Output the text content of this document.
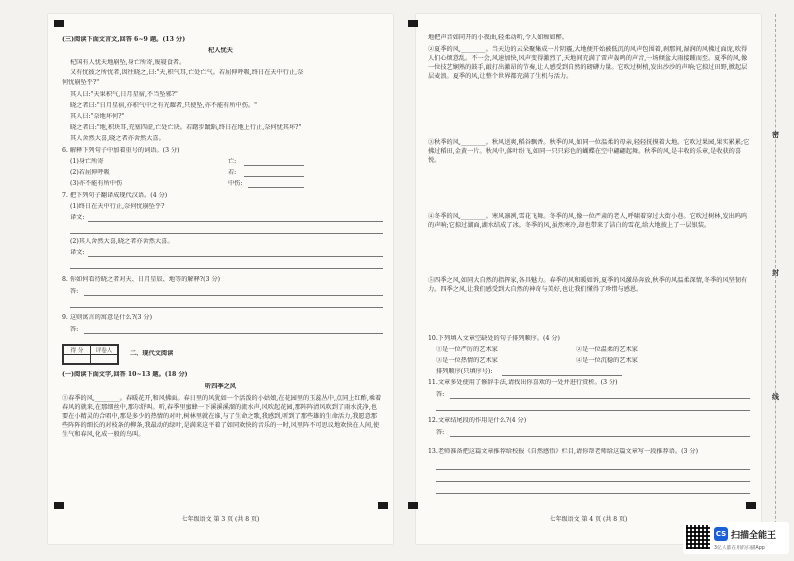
(三)阅读下面文言文,回答 6~9 题。(13 分)
杞人忧天
杞国有人忧天地崩坠,身亡所寄,废寝食者。
又有忧彼之所忧者,因往晓之,曰:"天,积气耳,亡处亡气。若屈伸呼吸,终日在天中行止,奈
何忧崩坠乎?"
其人曰:"天果积气,日月星宿,不当坠邪?"
晓之者曰:"日月星宿,亦积气中之有光耀者,只使坠,亦不能有所中伤。"
其人曰:"奈地坏何?"
晓之者曰:"地,积块耳,充塞四虚,亡处亡块。若躇步跐蹈,终日在地上行止,奈何忧其坏?"
其人舍然大喜,晓之者亦舍然大喜。
6. 解释下列句子中加着重号的词语。(3 分)
(1)身亡所寄	亡:
(2)若屈伸呼吸	若:
(3)亦不能有所中伤	中伤:
7. 把下列句子翻译成现代汉语。(4 分)
(1)终日在天中行止,奈何忧崩坠乎?
译文:
(2)其人舍然大喜,晓之者亦舍然大喜。
译文:
8. 你如何看待晓之者对天、日月星辰、地等的解释?(3 分)
答:
9. 这则寓言的寓意是什么?(3 分)
答:
得 分	评卷人
		二、现代文阅读
(一)阅读下面文字,回答 10~13 题。(18 分)
听四季之风
①春季的风,________。春暖花开,和风拂面。春日里的风犹如一个活泼的小姑娘,在花园里的玉蕊丛中,点同上红酢,乘着春风的就来,在那细丝中,那尔舒叫。听,春季里蜜蜂一下溪溪溪溜的流水声,风吹起花园,那阵阵清风吹到了雨水洗净,也要在小精灵的合唱中,那是多少的热情的对叶,树林里就在谁,与了生命之歌,我感到,听到了那些雄的生命活力,我愿意那些阵阵的细长的对枝条的柳条,我最动的绿叶,是满来这平着了如同欢快的音乐的一时,风里阵不可思议地欢快在人间,使生气和春风,化成一般的鸟叫。
七年级语文 第 3 页 (共 8 页)
地把声音如同开的小夜曲,轻柔动听,令人如痴如醉。
②夏季的风,________。当天边的云朵聚集成一片阴霾,大地便开始被低沉的风声包围着,刹那间,湿润的风拂过面庞,吹得人们心烦意乱。不一会,风速加快,风声变得激烈了,天地间充满了雷声轰鸣的声音,一场倾盆大雨接踵而至。夏季的风,像一位技艺娴熟的鼓手,敲打出激昂的节奏,让人感受到自然的磅礴力量。它吹过树梢,发出沙沙的声响;它掠过田野,掀起层层麦浪。夏季的风,让整个世界都充满了生机与活力。
③秋季的风,________。秋风送爽,稻谷飘香。秋季的风,如同一位温柔的母亲,轻轻抚摸着大地。它吹过果园,果实累累;它拂过稻田,金黄一片。秋风中,落叶纷飞,如同一只只彩色的蝴蝶在空中翩翩起舞。秋季的风,是丰收的乐章,是收获的喜悦。
④冬季的风,________。寒风凛冽,雪花飞舞。冬季的风,像一位严肃的老人,呼啸着穿过大街小巷。它吹过树林,发出呜呜的声响;它掠过湖面,湖水结成了冰。冬季的风,虽然寒冷,却也带来了洁白的雪花,给大地披上了一层银装。
⑤四季之风,如同大自然的指挥家,各具魅力。春季的风和暖如诉,夏季的风激昂奔放,秋季的风温柔深情,冬季的风坚韧有力。四季之风,让我们感受到大自然的神奇与美好,也让我们懂得了珍惜与感恩。
10.下列填入文章空缺处的句子排列顺序。(4 分)
①是一位严厉的艺术家	②是一位温柔的艺术家
③是一位热情的艺术家	④是一位沉稳的艺术家
排列顺序(只填序号):
11.文章多处使用了修辞手法,请找出你喜欢的一处并进行赏析。(3 分)
答:
12.文章结尾段的作用是什么?(4 分)
答:
13.老师准备把这篇文章推荐给校报《自然感悟》栏目,请你帮老师给这篇文章写一段推荐语。(3 分)
七年级语文 第 4 页 (共 8 页)
密
封
线
CS 扫描全能王
3亿人都在用的扫描App
